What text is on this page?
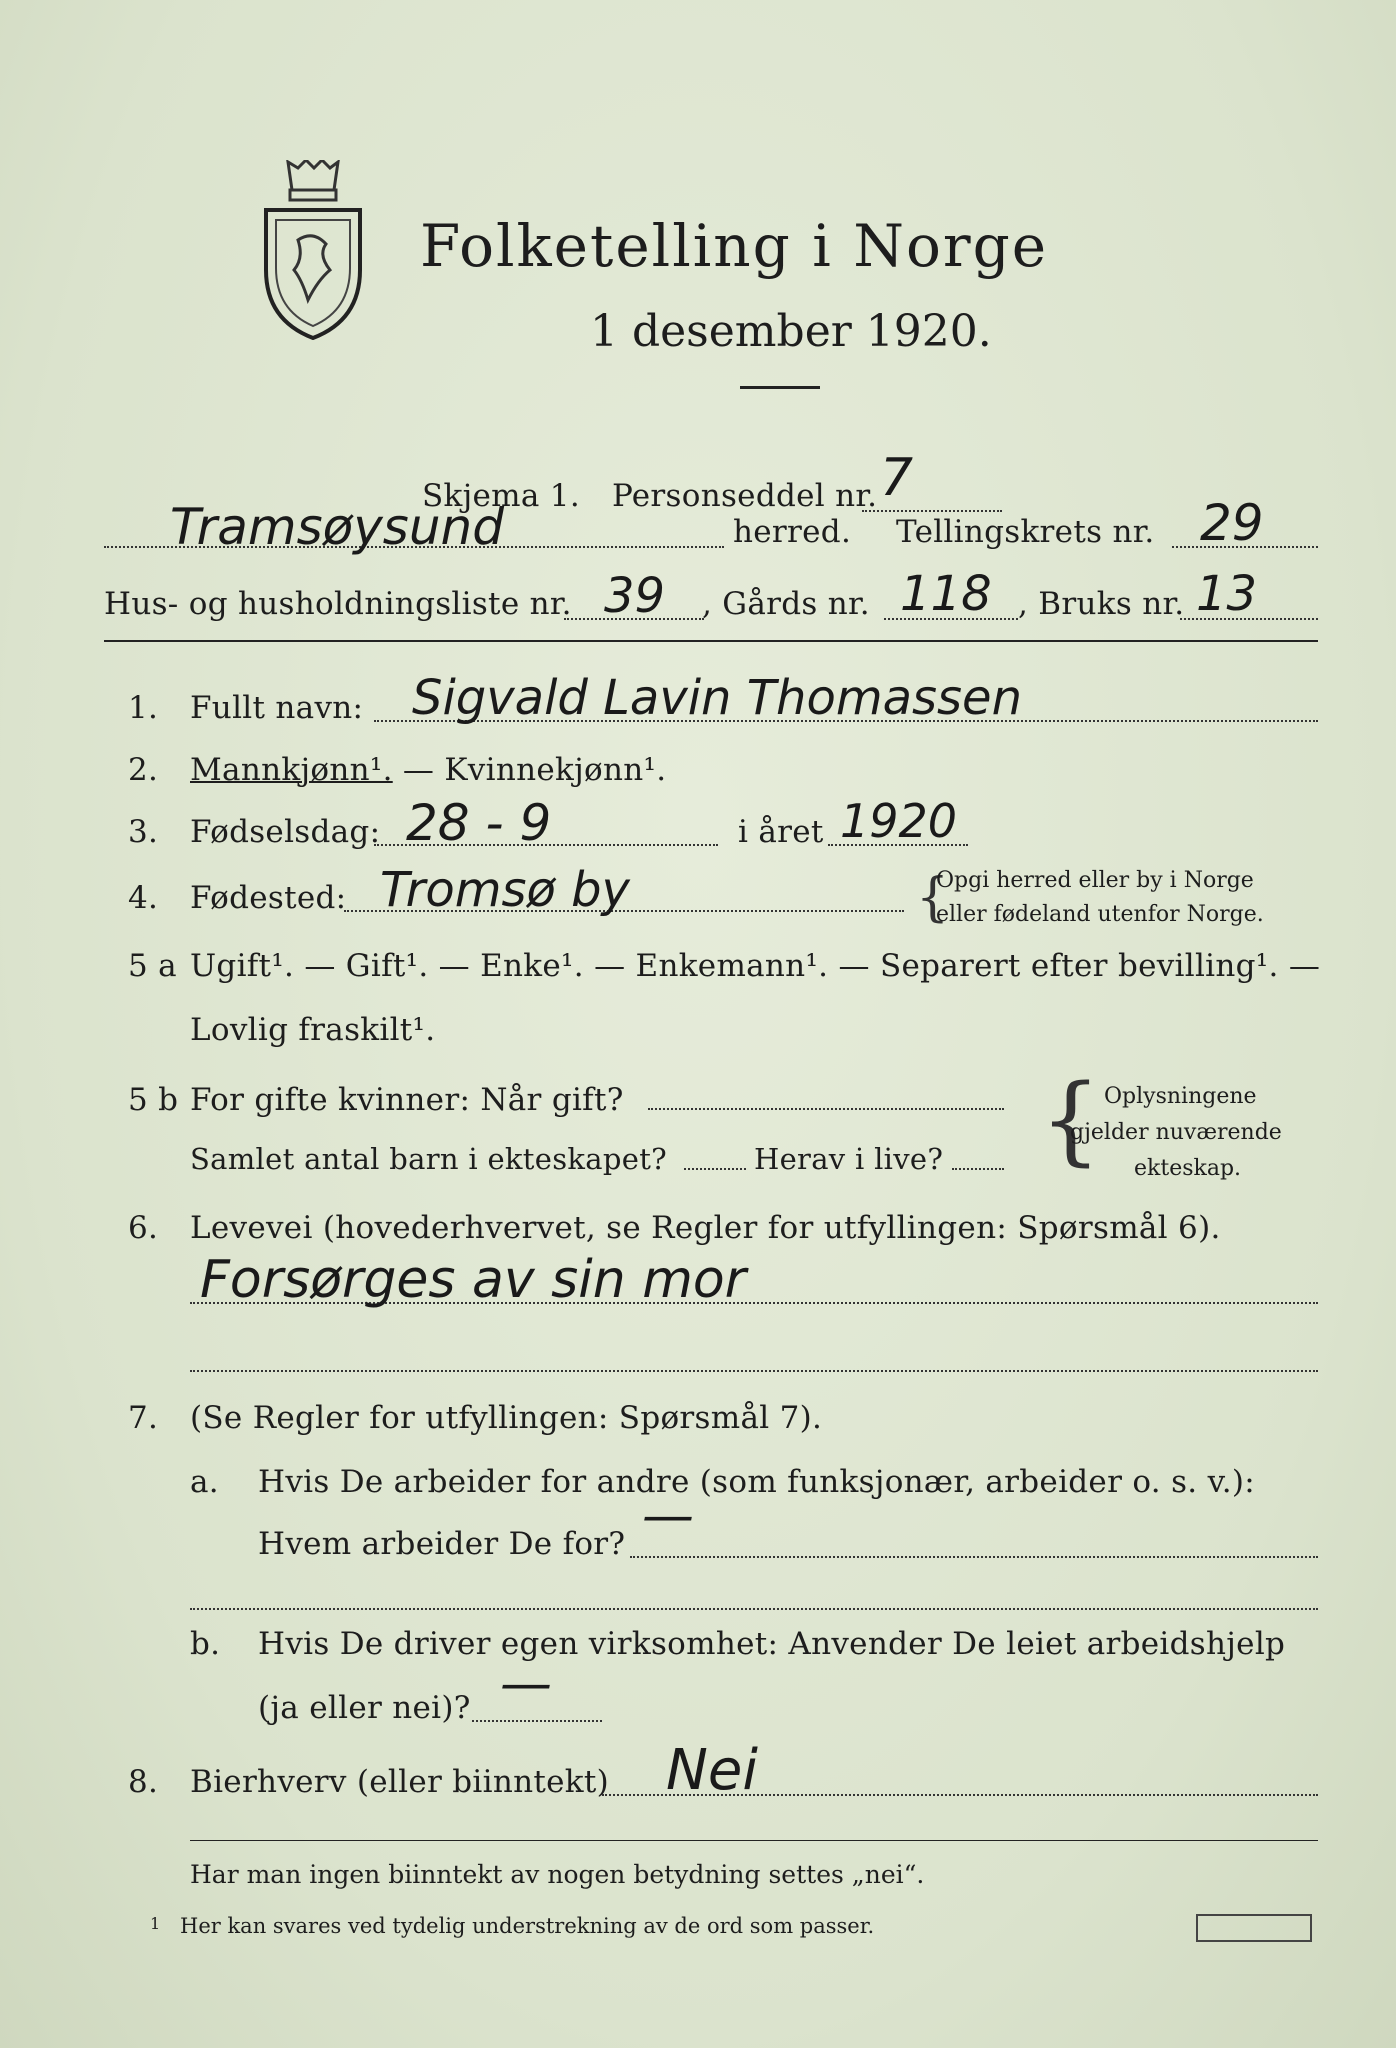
Folketelling i Norge
1 desember 1920.
Skjema 1. Personseddel nr. 7
Tramsøysund	herred. Tellingskrets nr. 29
Hus- og husholdningsliste nr. 39 , Gårds nr. 118 , Bruks nr. 13
1.	Fullt navn: Sigvald Lavin Thomassen
2.	Mannkjønn¹. — Kvinnekjønn¹.
3.	Fødselsdag: 28 - 9	i året 1920
4.	Fødested: Tromsø by	{
Opgi herred eller by i Norge
eller fødeland utenfor Norge.
5 a Ugift¹. — Gift¹. — Enke¹. — Enkemann¹. — Separert efter bevilling¹. —
Lovlig fraskilt¹.
5 b For gifte kvinner: Når gift?
Samlet antal barn i ekteskapet?	Herav i live? { Oplysningene
gjelder nuværende
ekteskap.
6.	Levevei (hovederhvervet, se Regler for utfyllingen: Spørsmål 6).
Forsørges av sin mor
7.	(Se Regler for utfyllingen: Spørsmål 7).
a. Hvis De arbeider for andre (som funksjonær, arbeider o. s. v.):
Hvem arbeider De for? —
b. Hvis De driver egen virksomhet: Anvender De leiet arbeidshjelp
(ja eller nei)? —
8.	Bierhverv (eller biinntekt) Nei
Har man ingen biinntekt av nogen betydning settes „nei“.
1 Her kan svares ved tydelig understrekning av de ord som passer.
